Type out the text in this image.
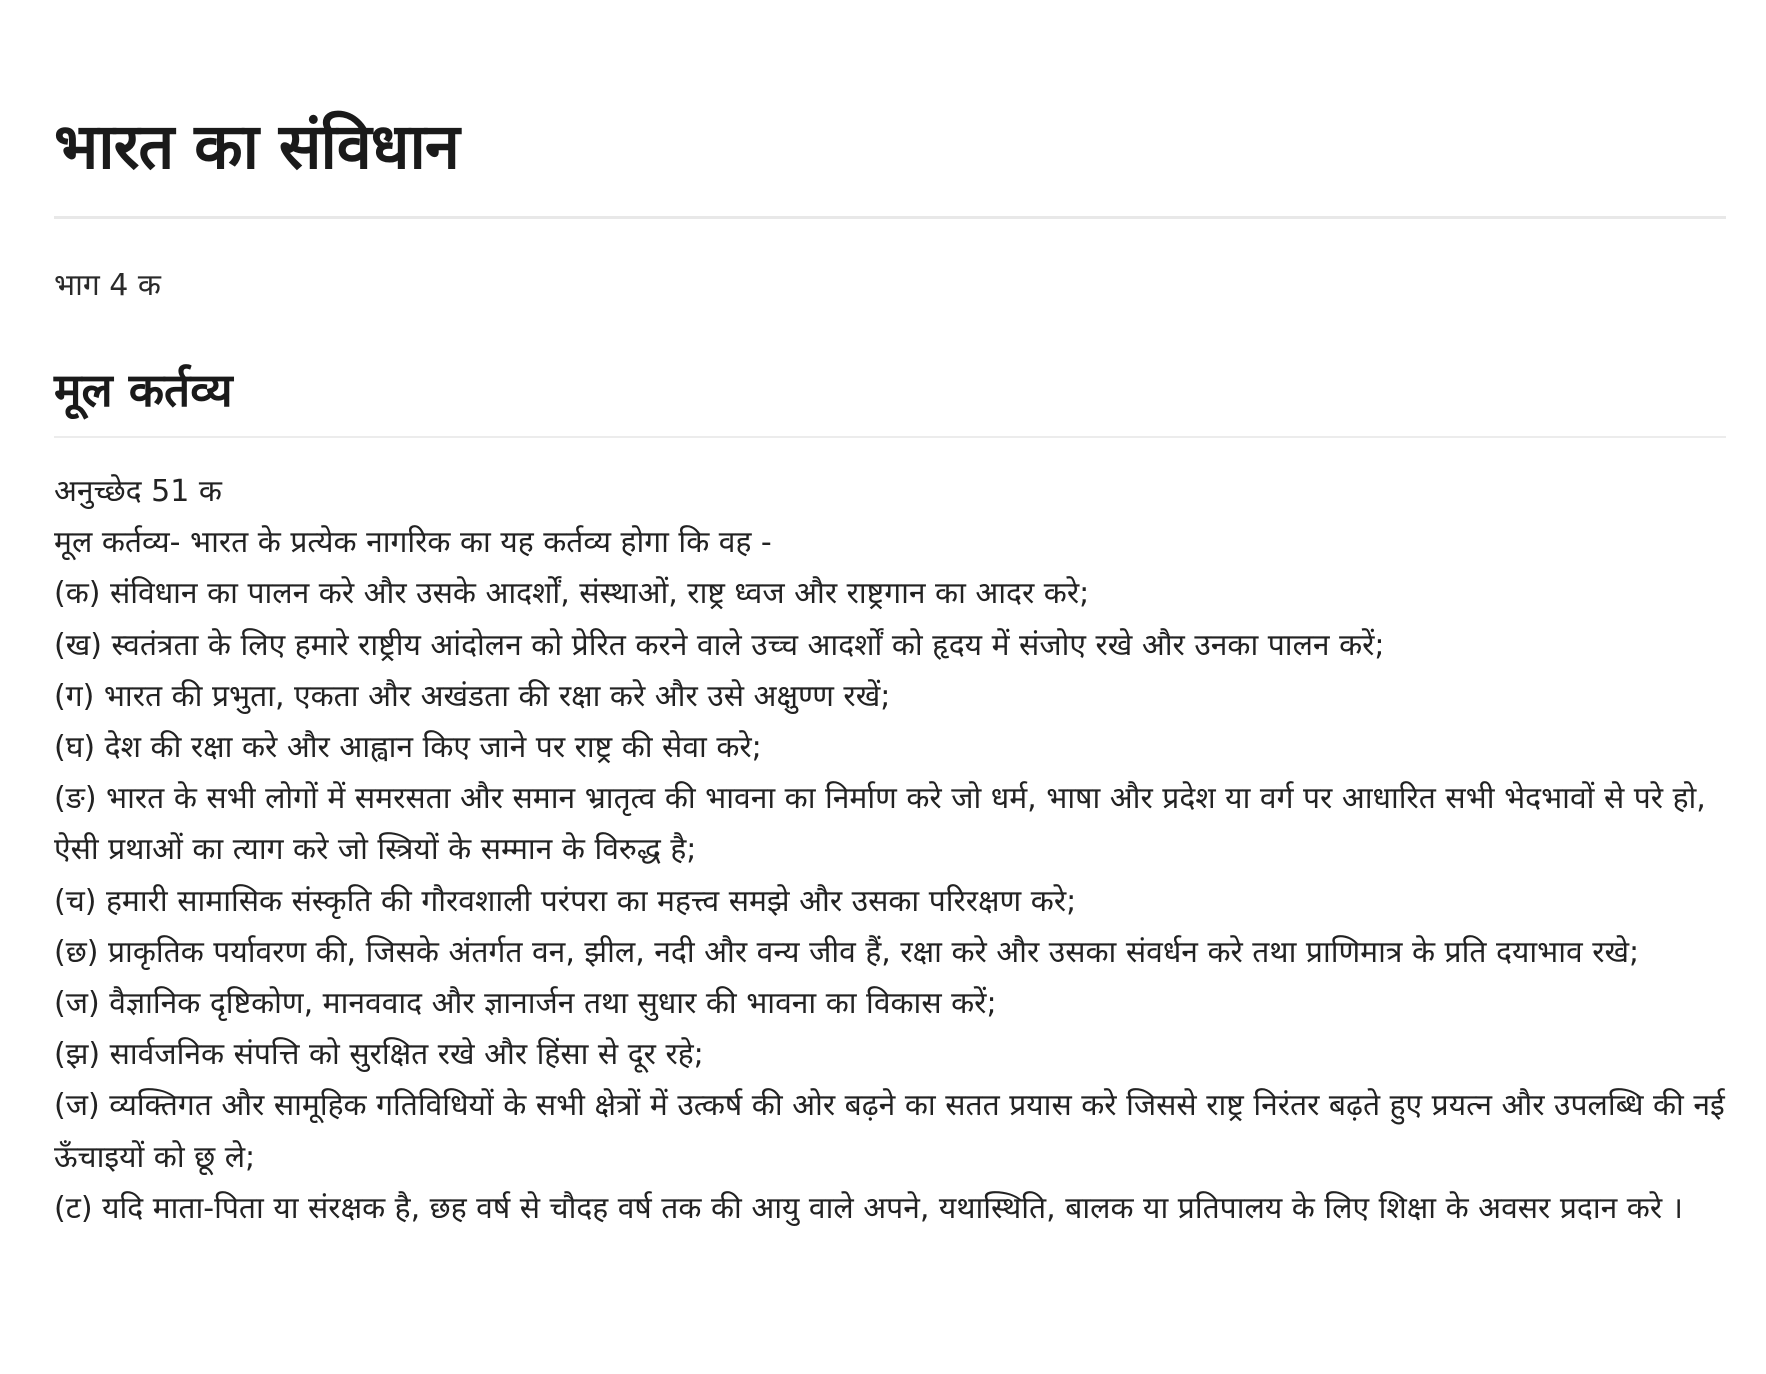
भारत का संविधान
भाग 4 क
मूल कर्तव्य
अनुच्छेद 51 क
मूल कर्तव्य- भारत के प्रत्येक नागरिक का यह कर्तव्य होगा कि वह -
(क) संविधान का पालन करे और उसके आदर्शों, संस्थाओं, राष्ट्र ध्वज और राष्ट्रगान का आदर करे;
(ख) स्वतंत्रता के लिए हमारे राष्ट्रीय आंदोलन को प्रेरित करने वाले उच्च आदर्शों को हृदय में संजोए रखे और उनका पालन करें;
(ग) भारत की प्रभुता, एकता और अखंडता की रक्षा करे और उसे अक्षुण्ण रखें;
(घ) देश की रक्षा करे और आह्वान किए जाने पर राष्ट्र की सेवा करे;
(ङ) भारत के सभी लोगों में समरसता और समान भ्रातृत्व की भावना का निर्माण करे जो धर्म, भाषा और प्रदेश या वर्ग पर आधारित सभी भेदभावों से परे हो, ऐसी प्रथाओं का त्याग करे जो स्त्रियों के सम्मान के विरुद्ध है;
(च) हमारी सामासिक संस्कृति की गौरवशाली परंपरा का महत्त्व समझे और उसका परिरक्षण करे;
(छ) प्राकृतिक पर्यावरण की, जिसके अंतर्गत वन, झील, नदी और वन्य जीव हैं, रक्षा करे और उसका संवर्धन करे तथा प्राणिमात्र के प्रति दयाभाव रखे;
(ज) वैज्ञानिक दृष्टिकोण, मानववाद और ज्ञानार्जन तथा सुधार की भावना का विकास करें;
(झ) सार्वजनिक संपत्ति को सुरक्षित रखे और हिंसा से दूर रहे;
(ज) व्यक्तिगत और सामूहिक गतिविधियों के सभी क्षेत्रों में उत्कर्ष की ओर बढ़ने का सतत प्रयास करे जिससे राष्ट्र निरंतर बढ़ते हुए प्रयत्न और उपलब्धि की नई ऊँचाइयों को छू ले;
(ट) यदि माता-पिता या संरक्षक है, छह वर्ष से चौदह वर्ष तक की आयु वाले अपने, यथास्थिति, बालक या प्रतिपालय के लिए शिक्षा के अवसर प्रदान करे ।
